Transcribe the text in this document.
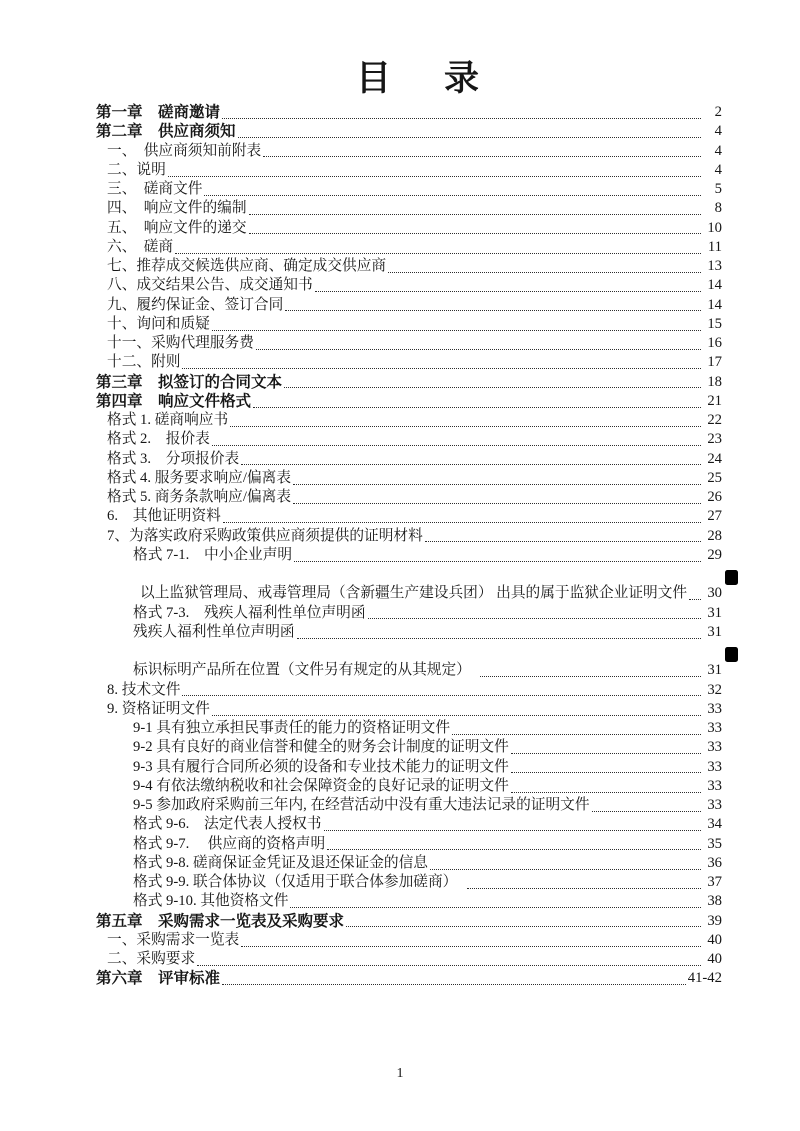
目　录
第一章　磋商邀请	2
第二章　供应商须知	4
一、　供应商须知前附表	4
二、说明	4
三、　磋商文件	5
四、　响应文件的编制	8
五、　响应文件的递交	10
六、　磋商	11
七、推荐成交候选供应商、确定成交供应商	13
八、成交结果公告、成交通知书	14
九、履约保证金、签订合同	14
十、询问和质疑	15
十一、采购代理服务费	16
十二、附则	17
第三章　拟签订的合同文本	18
第四章　响应文件格式	21
格式 1. 磋商响应书	22
格式 2.　报价表	23
格式 3.　分项报价表	24
格式 4. 服务要求响应/偏离表	25
格式 5. 商务条款响应/偏离表	26
6.　其他证明资料	27
7、为落实政府采购政策供应商须提供的证明材料	28
格式 7-1.　中小企业声明	29
以上监狱管理局、戒毒管理局（含新疆生产建设兵团） 出具的属于监狱企业证明文件	30
格式 7-3.　残疾人福利性单位声明函	31
残疾人福利性单位声明函	31
标识标明产品所在位置（文件另有规定的从其规定）　	31
8. 技术文件	32
9. 资格证明文件	33
9-1 具有独立承担民事责任的能力的资格证明文件	33
9-2 具有良好的商业信誉和健全的财务会计制度的证明文件	33
9-3 具有履行合同所必须的设备和专业技术能力的证明文件	33
9-4 有依法缴纳税收和社会保障资金的良好记录的证明文件	33
9-5 参加政府采购前三年内, 在经营活动中没有重大违法记录的证明文件	33
格式 9-6.　法定代表人授权书	34
格式 9-7.　 供应商的资格声明	35
格式 9-8. 磋商保证金凭证及退还保证金的信息	36
格式 9-9. 联合体协议（仅适用于联合体参加磋商）　	37
格式 9-10. 其他资格文件	38
第五章　采购需求一览表及采购要求	39
一、采购需求一览表	40
二、采购要求	40
第六章　评审标准	41-42
1
